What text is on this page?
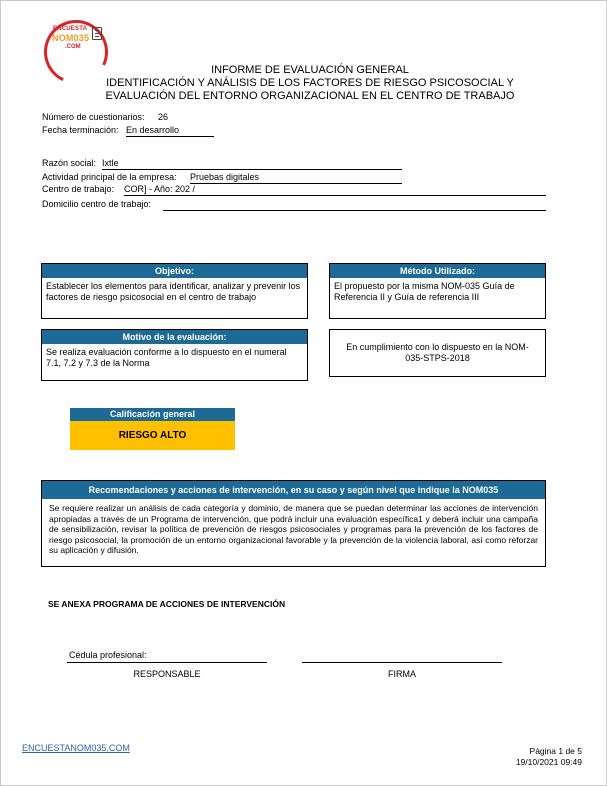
ENCUESTA
NOM035
.COM
INFORME DE EVALUACIÓN GENERAL
IDENTIFICACIÓN Y ANÁLISIS DE LOS FACTORES DE RIESGO PSICOSOCIAL Y
EVALUACIÓN DEL ENTORNO ORGANIZACIONAL EN EL CENTRO DE TRABAJO
Número de cuestionarios: 26
Fecha terminación: En desarrollo
Razón social: Ixtle
Actividad principal de la empresa: Pruebas digitales
Centro de trabajo: COR] - Año: 202 /
Domicilio centro de trabajo:
Objetivo:
Establecer los elementos para identificar, analizar y prevenir los factores de riesgo psicosocial en el centro de trabajo
Método Utilizado:
El propuesto por la misma NOM-035 Guía de Referencia II y Guía de referencia III
Motivo de la evaluación:
Se realiza evaluación conforme a lo dispuesto en el numeral 7.1, 7.2 y 7.3 de la Norma
En cumplimiento con lo dispuesto en la NOM-035-STPS-2018
Calificación general
RIESGO ALTO
Recomendaciones y acciones de intervención, en su caso y según nivel que indique la NOM035
Se requiere realizar un análisis de cada categoría y dominio, de manera que se puedan determinar las acciones de intervención apropiadas a través de un Programa de intervención, que podrá incluir una evaluación específica1 y deberá incluir una campaña de sensibilización, revisar la política de prevención de riesgos psicosociales y programas para la prevención de los factores de riesgo psicosocial, la promoción de un entorno organizacional favorable y la prevención de la violencia laboral, así como reforzar su aplicación y difusión.
SE ANEXA PROGRAMA DE ACCIONES DE INTERVENCIÓN
Cédula profesional:
RESPONSABLE	FIRMA
ENCUESTANOM035.COM	Página 1 de 5
19/10/2021 09:49
